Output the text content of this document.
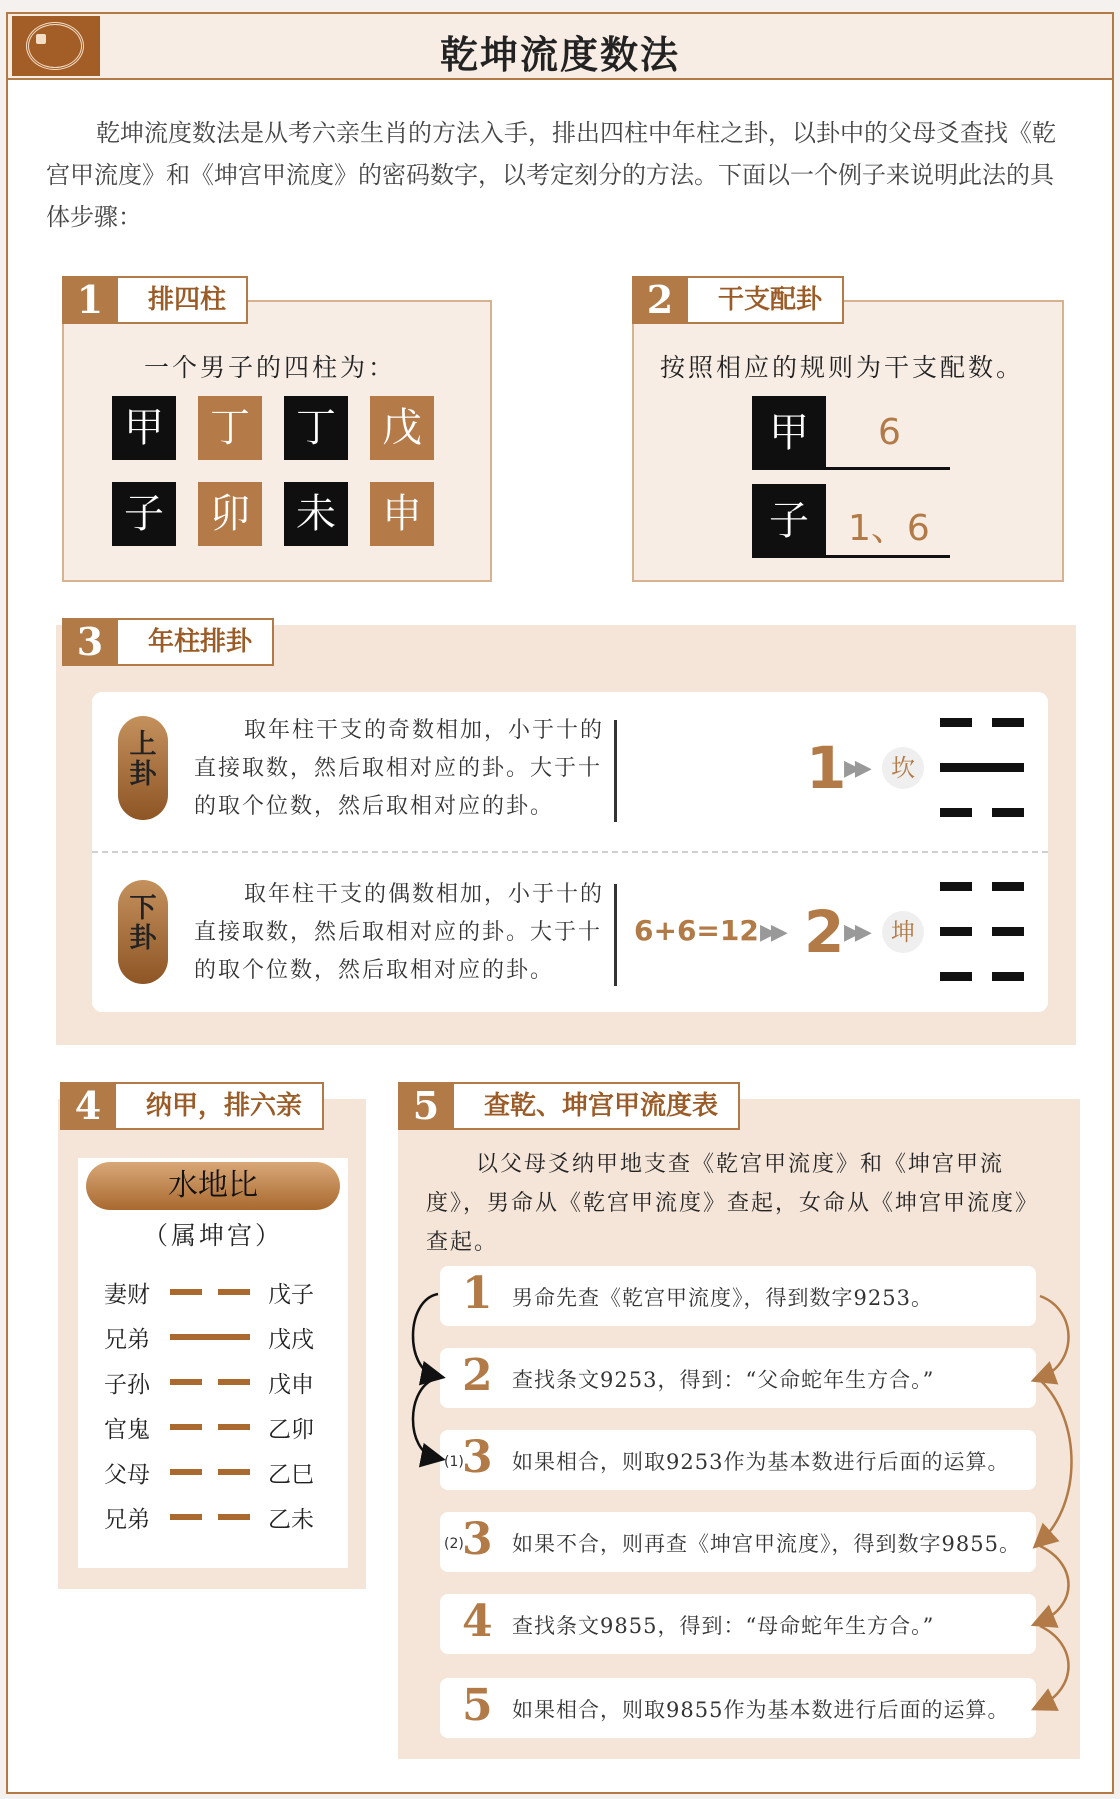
乾坤流度数法

乾坤流度数法是从考六亲生肖的方法入手，排出四柱中年柱之卦，以卦中的父母爻查找《乾宫甲流度》和《坤宫甲流度》的密码数字，以考定刻分的方法。下面以一个例子来说明此法的具体步骤：

1	排四柱
一个男子的四柱为：
甲	丁	丁	戊
子	卯	未	申
2	干支配卦
按照相应的规则为干支配数。
甲	6
子	1、6
3	年柱排卦
上卦

取年柱干支的奇数相加，小于十的直接取数，然后取相对应的卦。大于十的取个位数，然后取相对应的卦。

1
▶▶	坎
下卦

取年柱干支的偶数相加，小于十的直接取数，然后取相对应的卦。大于十的取个位数，然后取相对应的卦。

6+6=12 ▶▶ 2 ▶▶	坤
4	纳甲，排六亲
水地比
（属坤宫）
妻财	戊子
兄弟	戊戌
子孙	戊申
官鬼	乙卯
父母	乙巳
兄弟	乙未
5	查乾、坤宫甲流度表

以父母爻纳甲地支查《乾宫甲流度》和《坤宫甲流度》，男命从《乾宫甲流度》查起，女命从《坤宫甲流度》查起。

1 男命先查《乾宫甲流度》，得到数字9253。
2 查找条文9253，得到：“父命蛇年生方合。”
(1)
3 如果相合，则取9253作为基本数进行后面的运算。
(2)
3 如果不合，则再查《坤宫甲流度》，得到数字9855。
4 查找条文9855，得到：“母命蛇年生方合。”
5 如果相合，则取9855作为基本数进行后面的运算。
